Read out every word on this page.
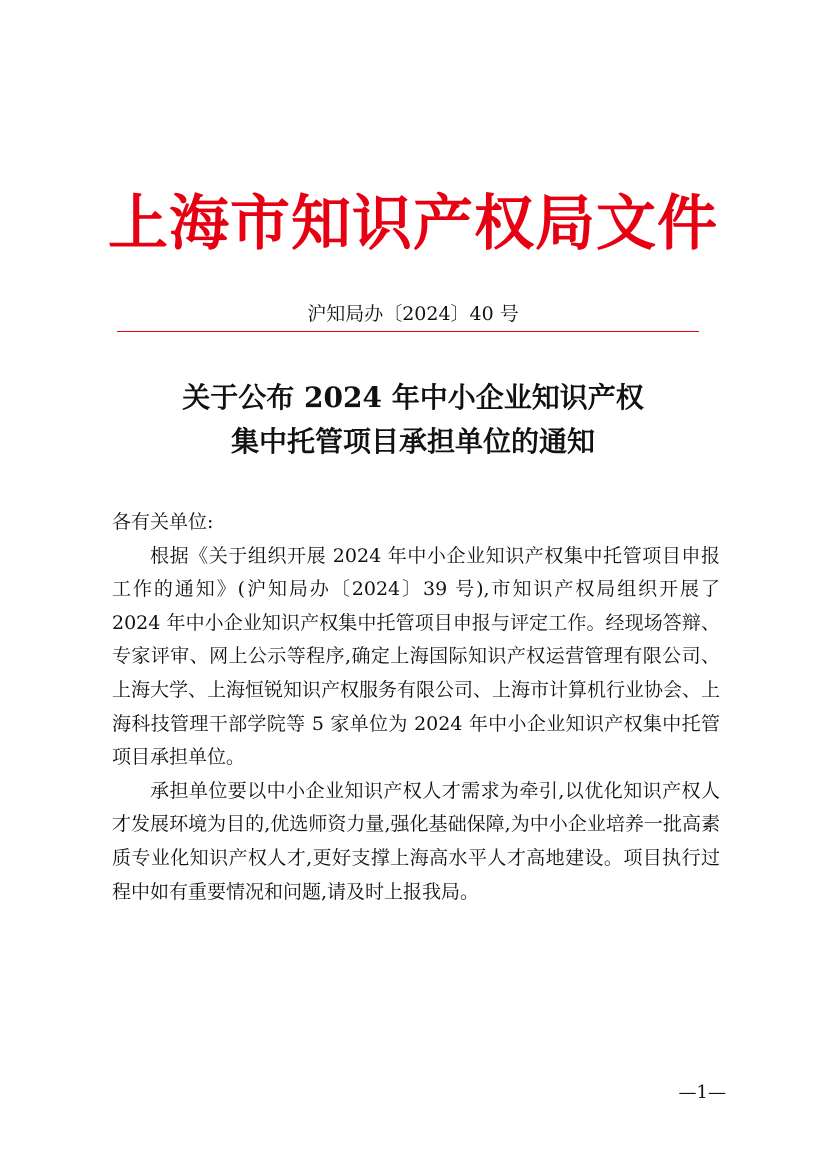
上海市知识产权局文件
沪知局办〔2024〕40 号
关于公布 2024 年中小企业知识产权
集中托管项目承担单位的通知

各有关单位:

根据《关于组织开展 2024 年中小企业知识产权集中托管项目申报工作的通知》(沪知局办〔2024〕39 号),市知识产权局组织开展了 2024 年中小企业知识产权集中托管项目申报与评定工作。经现场答辩、专家评审、网上公示等程序,确定上海国际知识产权运营管理有限公司、上海大学、上海恒锐知识产权服务有限公司、上海市计算机行业协会、上海科技管理干部学院等 5 家单位为 2024 年中小企业知识产权集中托管项目承担单位。

承担单位要以中小企业知识产权人才需求为牵引,以优化知识产权人才发展环境为目的,优选师资力量,强化基础保障,为中小企业培养一批高素质专业化知识产权人才,更好支撑上海高水平人才高地建设。项目执行过程中如有重要情况和问题,请及时上报我局。

—1—
